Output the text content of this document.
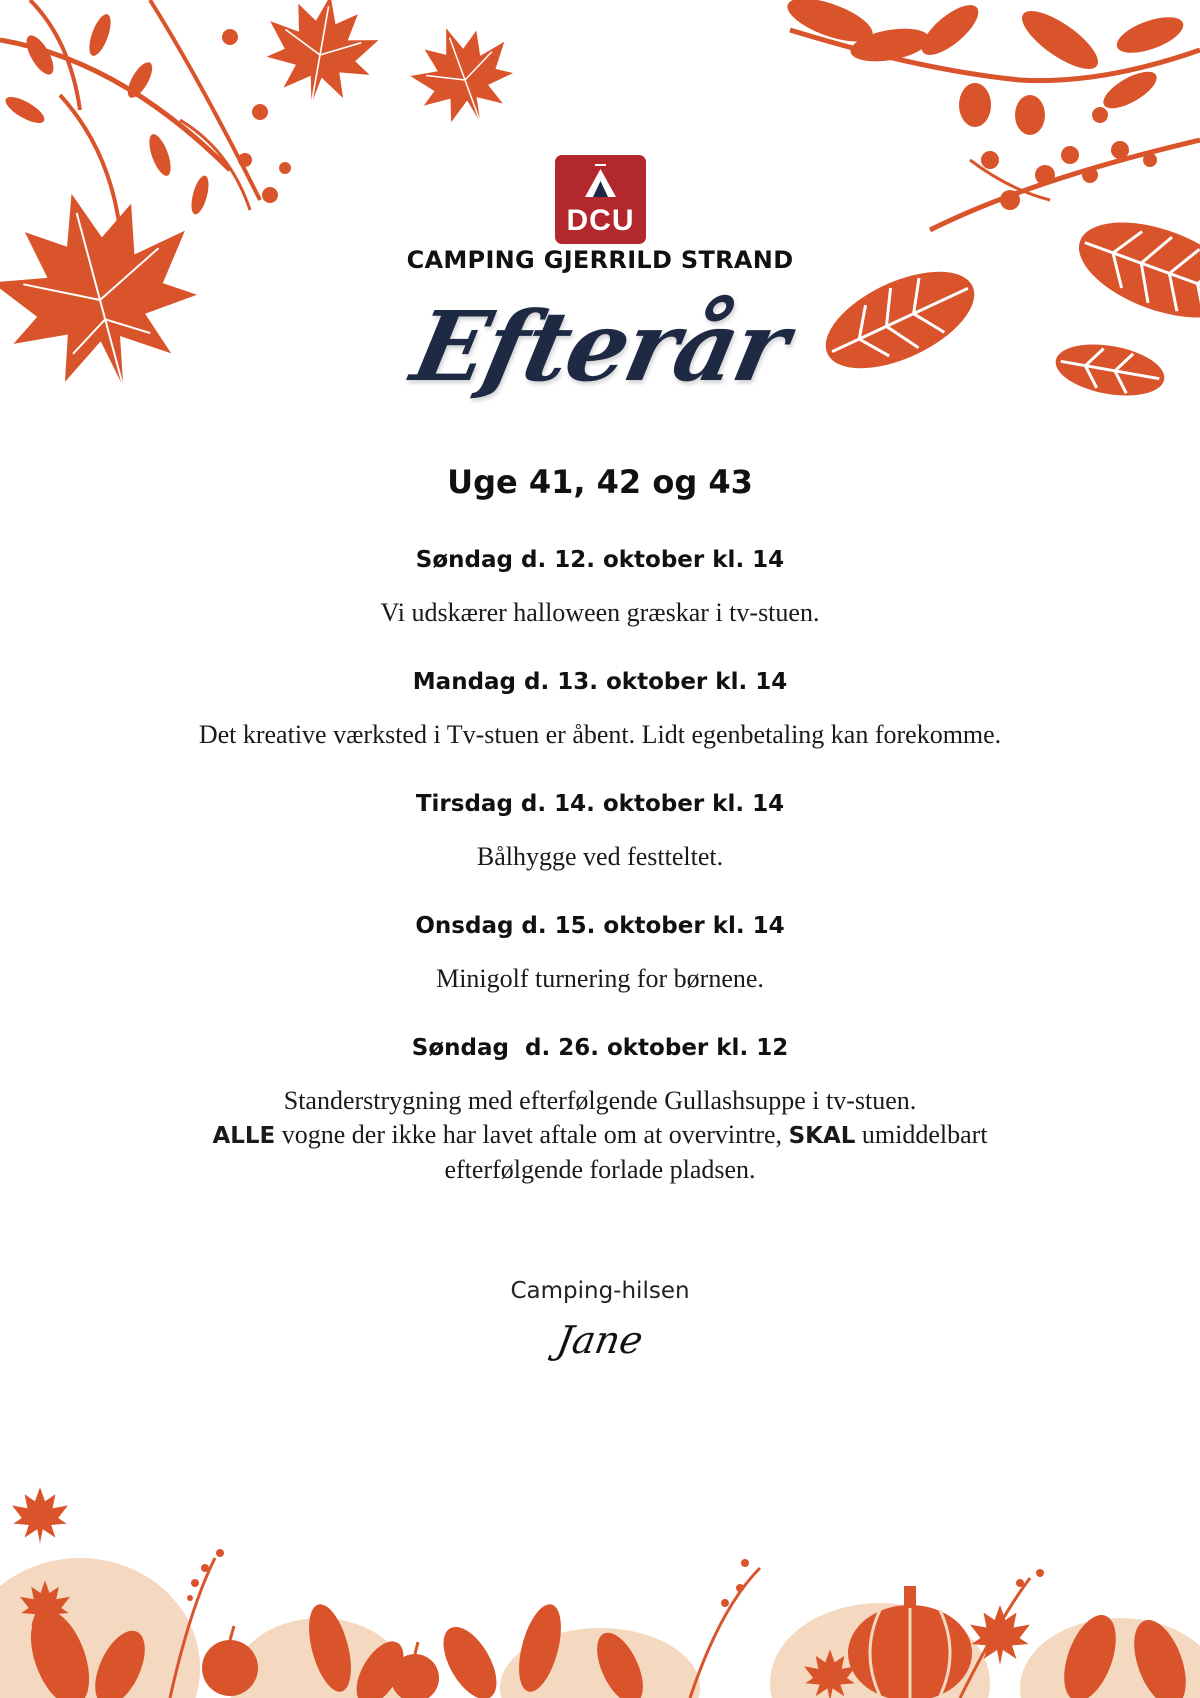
DCU
CAMPING GJERRILD STRAND
Efterår
Uge 41, 42 og 43
Søndag d. 12. oktober kl. 14
Vi udskærer halloween græskar i tv-stuen.
Mandag d. 13. oktober kl. 14
Det kreative værksted i Tv-stuen er åbent. Lidt egenbetaling kan forekomme.
Tirsdag d. 14. oktober kl. 14
Bålhygge ved festteltet.
Onsdag d. 15. oktober kl. 14
Minigolf turnering for børnene.
Søndag  d. 26. oktober kl. 12
Standerstrygning med efterfølgende Gullashsuppe i tv-stuen.
ALLE vogne der ikke har lavet aftale om at overvintre, SKAL umiddelbart
efterfølgende forlade pladsen.
Camping-hilsen
Jane
